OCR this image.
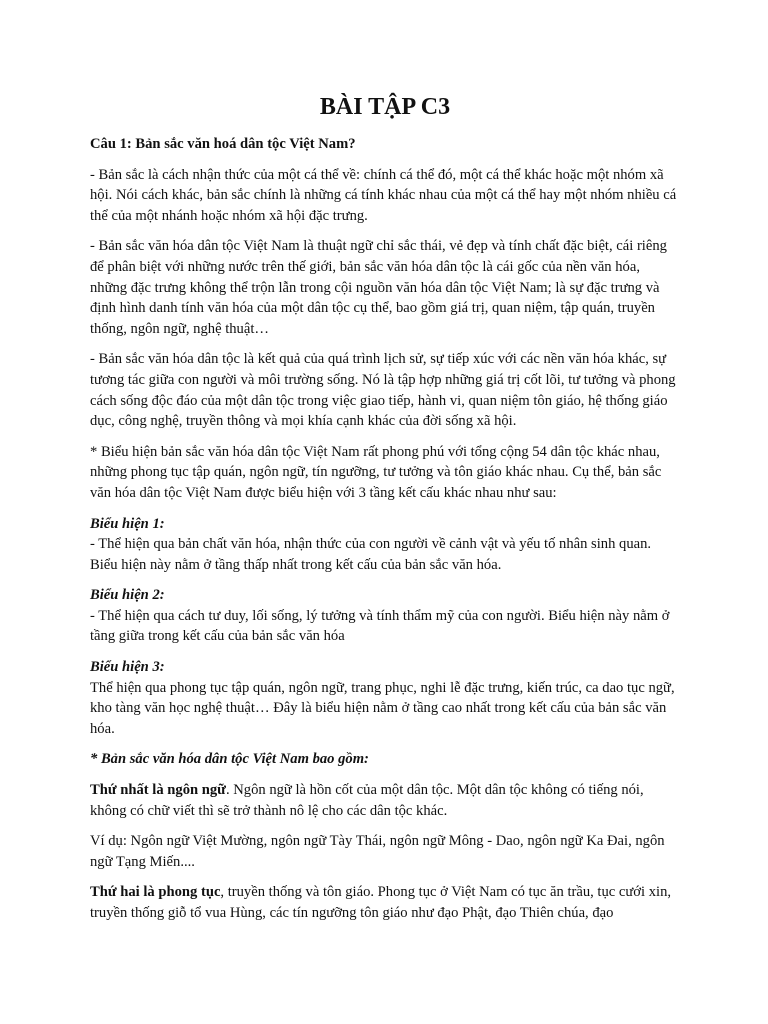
BÀI TẬP C3
Câu 1: Bản sắc văn hoá dân tộc Việt Nam?

- Bản sắc là cách nhận thức của một cá thể về: chính cá thể đó, một cá thể khác hoặc một nhóm xã hội. Nói cách khác, bản sắc chính là những cá tính khác nhau của một cá thể hay một nhóm nhiều cá thể của một nhánh hoặc nhóm xã hội đặc trưng.

- Bản sắc văn hóa dân tộc Việt Nam là thuật ngữ chỉ sắc thái, vẻ đẹp và tính chất đặc biệt, cái riêng để phân biệt với những nước trên thế giới, bản sắc văn hóa dân tộc là cái gốc của nền văn hóa, những đặc trưng không thể trộn lẫn trong cội nguồn văn hóa dân tộc Việt Nam; là sự đặc trưng và định hình danh tính văn hóa của một dân tộc cụ thể, bao gồm giá trị, quan niệm, tập quán, truyền thống, ngôn ngữ, nghệ thuật…

- Bản sắc văn hóa dân tộc là kết quả của quá trình lịch sử, sự tiếp xúc với các nền văn hóa khác, sự tương tác giữa con người và môi trường sống. Nó là tập hợp những giá trị cốt lõi, tư tưởng và phong cách sống độc đáo của một dân tộc trong việc giao tiếp, hành vi, quan niệm tôn giáo, hệ thống giáo dục, công nghệ, truyền thông và mọi khía cạnh khác của đời sống xã hội.

* Biểu hiện bản sắc văn hóa dân tộc Việt Nam rất phong phú với tổng cộng 54 dân tộc khác nhau, những phong tục tập quán, ngôn ngữ, tín ngưỡng, tư tưởng và tôn giáo khác nhau. Cụ thể, bản sắc văn hóa dân tộc Việt Nam được biểu hiện với 3 tầng kết cấu khác nhau như sau:

Biểu hiện 1:
- Thể hiện qua bản chất văn hóa, nhận thức của con người về cảnh vật và yếu tố nhân sinh quan. Biểu hiện này nằm ở tầng thấp nhất trong kết cấu của bản sắc văn hóa.
Biểu hiện 2:
- Thể hiện qua cách tư duy, lối sống, lý tưởng và tính thẩm mỹ của con người. Biểu hiện này nằm ở tầng giữa trong kết cấu của bản sắc văn hóa
Biểu hiện 3:
Thể hiện qua phong tục tập quán, ngôn ngữ, trang phục, nghi lễ đặc trưng, kiến trúc, ca dao tục ngữ, kho tàng văn học nghệ thuật… Đây là biểu hiện nằm ở tầng cao nhất trong kết cấu của bản sắc văn hóa.
* Bản sắc văn hóa dân tộc Việt Nam bao gồm:

Thứ nhất là ngôn ngữ. Ngôn ngữ là hồn cốt của một dân tộc. Một dân tộc không có tiếng nói, không có chữ viết thì sẽ trở thành nô lệ cho các dân tộc khác.

Ví dụ: Ngôn ngữ Việt Mường, ngôn ngữ Tày Thái, ngôn ngữ Mông - Dao, ngôn ngữ Ka Đai, ngôn ngữ Tạng Miến....

Thứ hai là phong tục, truyền thống và tôn giáo. Phong tục ở Việt Nam có tục ăn trầu, tục cưới xin, truyền thống giỗ tổ vua Hùng, các tín ngưỡng tôn giáo như đạo Phật, đạo Thiên chúa, đạo
